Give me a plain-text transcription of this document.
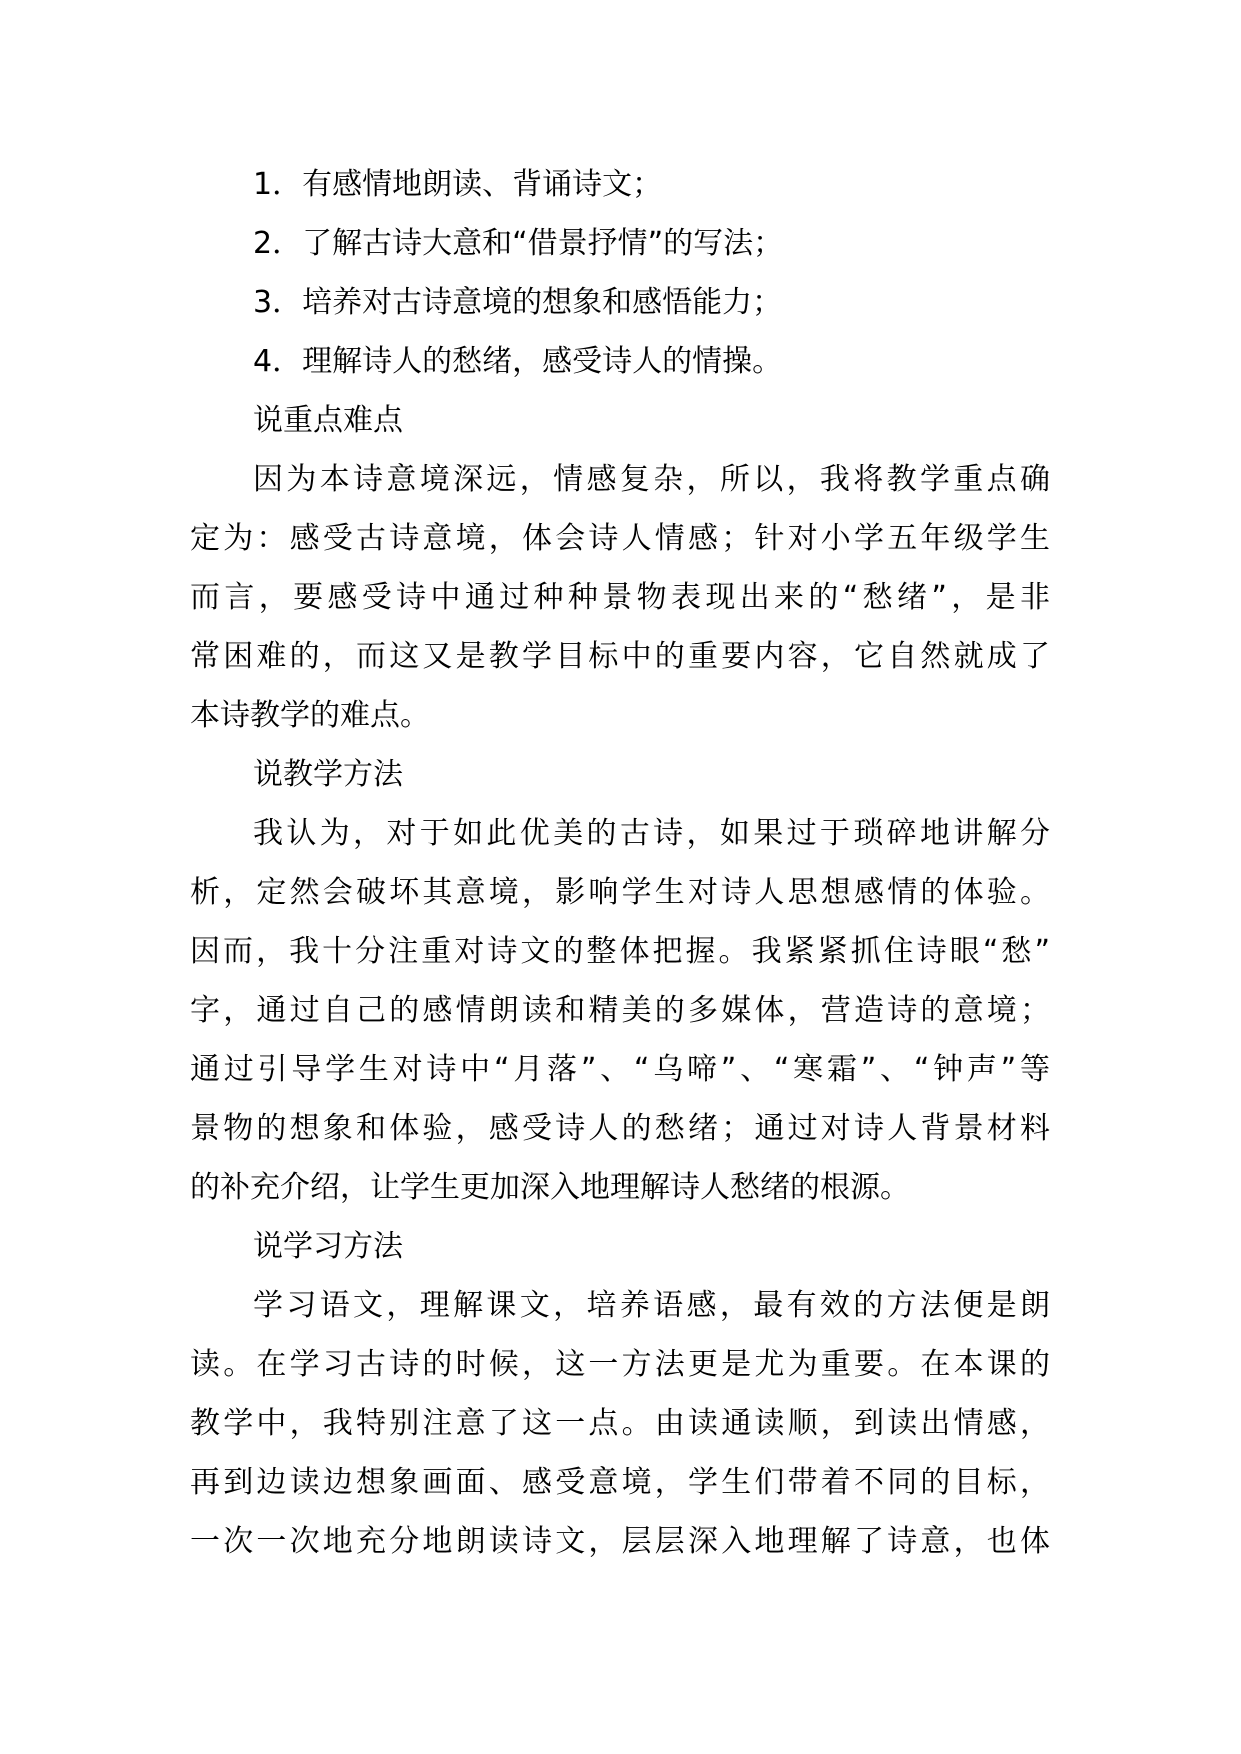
1．有感情地朗读、背诵诗文；
2．了解古诗大意和“借景抒情”的写法；
3．培养对古诗意境的想象和感悟能力；
4．理解诗人的愁绪，感受诗人的情操。
说重点难点
因为本诗意境深远，情感复杂，所以，我将教学重点确
定为：感受古诗意境，体会诗人情感；针对小学五年级学生
而言，要感受诗中通过种种景物表现出来的“愁绪”，是非
常困难的，而这又是教学目标中的重要内容，它自然就成了
本诗教学的难点。
说教学方法
我认为，对于如此优美的古诗，如果过于琐碎地讲解分
析，定然会破坏其意境，影响学生对诗人思想感情的体验。
因而，我十分注重对诗文的整体把握。我紧紧抓住诗眼“愁”
字，通过自己的感情朗读和精美的多媒体，营造诗的意境；
通过引导学生对诗中“月落”、“乌啼”、“寒霜”、“钟声”等
景物的想象和体验，感受诗人的愁绪；通过对诗人背景材料
的补充介绍，让学生更加深入地理解诗人愁绪的根源。
说学习方法
学习语文，理解课文，培养语感，最有效的方法便是朗
读。在学习古诗的时候，这一方法更是尤为重要。在本课的
教学中，我特别注意了这一点。由读通读顺，到读出情感，
再到边读边想象画面、感受意境，学生们带着不同的目标，
一次一次地充分地朗读诗文，层层深入地理解了诗意，也体
